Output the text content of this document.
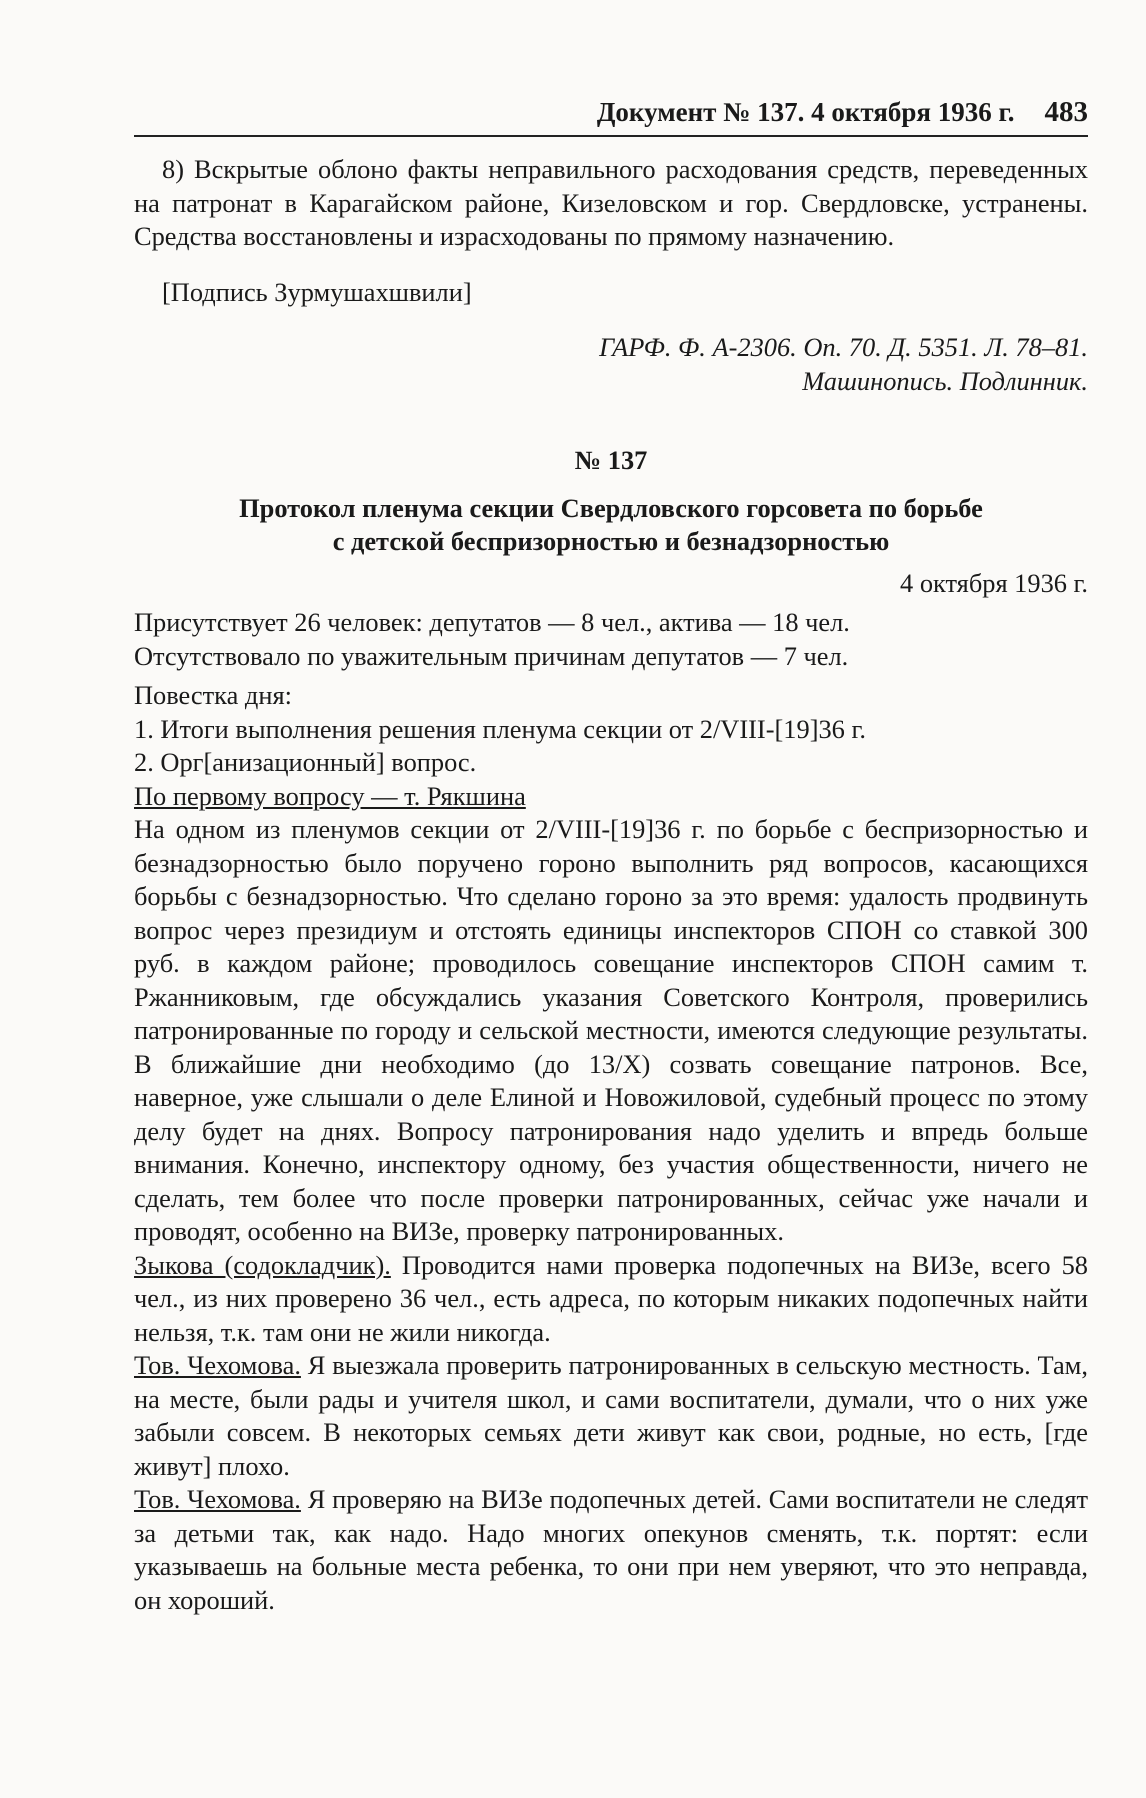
Документ № 137. 4 октября 1936 г. 483

8) Вскрытые облоно факты неправильного расходования средств, переведенных на патронат в Карагайском районе, Кизеловском и гор. Свердловске, устранены. Средства восстановлены и израсходованы по прямому назначению.

[Подпись Зурмушахшвили]

ГАРФ. Ф. А-2306. Оп. 70. Д. 5351. Л. 78–81.

Машинопись. Подлинник.

№ 137

Протокол пленума секции Свердловского горсовета по борьбе

с детской беспризорностью и безнадзорностью

4 октября 1936 г.

Присутствует 26 человек: депутатов — 8 чел., актива — 18 чел.

Отсутствовало по уважительным причинам депутатов — 7 чел.

Повестка дня:

1. Итоги выполнения решения пленума секции от 2/VIII-[19]36 г.
2. Орг[анизационный] вопрос.

По первому вопросу — т. Рякшина

На одном из пленумов секции от 2/VIII-[19]36 г. по борьбе с беспризорностью и безнадзорностью было поручено гороно выполнить ряд вопросов, касающихся борьбы с безнадзорностью. Что сделано гороно за это время: удалость продвинуть вопрос через президиум и отстоять единицы инспекторов СПОН со ставкой 300 руб. в каждом районе; проводилось совещание инспекторов СПОН самим т. Ржанниковым, где обсуждались указания Советского Контроля, проверились патронированные по городу и сельской местности, имеются следующие результаты. В ближайшие дни необходимо (до 13/X) созвать совещание патронов. Все, наверное, уже слышали о деле Елиной и Новожиловой, судебный процесс по этому делу будет на днях. Вопросу патронирования надо уделить и впредь больше внимания. Конечно, инспектору одному, без участия общественности, ничего не сделать, тем более что после проверки патронированных, сейчас уже начали и проводят, особенно на ВИЗе, проверку патронированных.

Зыкова (содокладчик). Проводится нами проверка подопечных на ВИЗе, всего 58 чел., из них проверено 36 чел., есть адреса, по которым никаких подопечных найти нельзя, т.к. там они не жили никогда.

Тов. Чехомова. Я выезжала проверить патронированных в сельскую местность. Там, на месте, были рады и учителя школ, и сами воспитатели, думали, что о них уже забыли совсем. В некоторых семьях дети живут как свои, родные, но есть, [где живут] плохо.

Тов. Чехомова. Я проверяю на ВИЗе подопечных детей. Сами воспитатели не следят за детьми так, как надо. Надо многих опекунов сменять, т.к. портят: если указываешь на больные места ребенка, то они при нем уверяют, что это неправда, он хороший.
